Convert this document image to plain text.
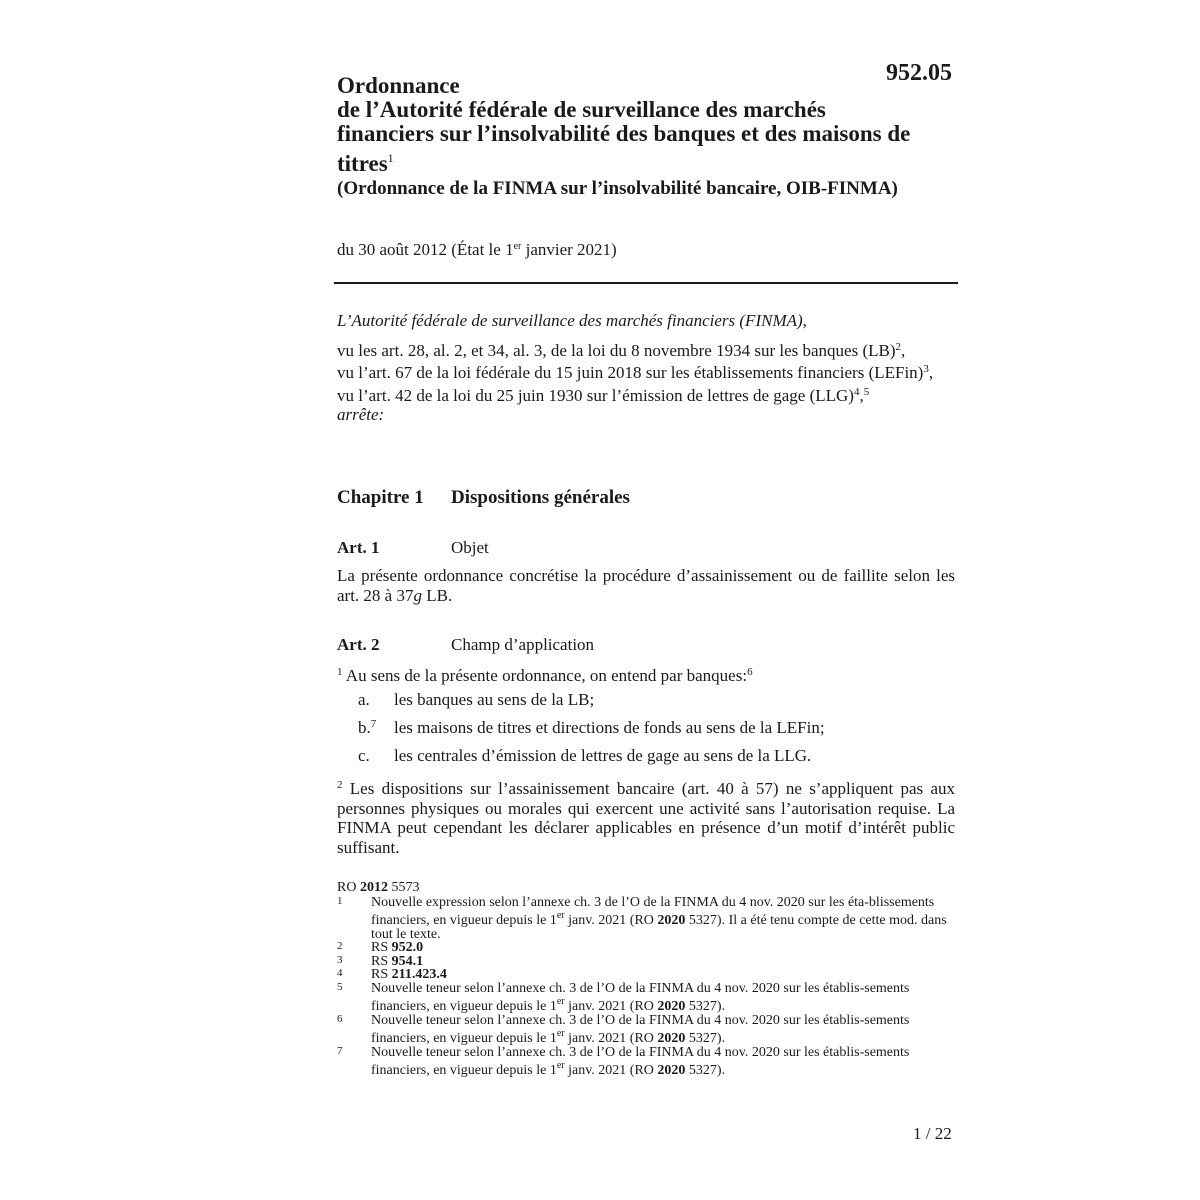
952.05
Ordonnance
de l’Autorité fédérale de surveillance des marchés
financiers sur l’insolvabilité des banques et des maisons de
titres$^1$
(Ordonnance de la FINMA sur l’insolvabilité bancaire, OIB-FINMA)
du 30 août 2012 (État le 1er janvier 2021)

L’Autorité fédérale de surveillance des marchés financiers (FINMA),

vu les art. 28, al. 2, et 34, al. 3, de la loi du 8 novembre 1934 sur les banques (LB)$^2$,

vu l’art. 67 de la loi fédérale du 15 juin 2018 sur les établissements financiers (LEFin)$^3$,

vu l’art. 42 de la loi du 25 juin 1930 sur l’émission de lettres de gage (LLG)$^4$,$^5$

arrête:

Chapitre 1 Dispositions générales
Art. 1	Objet

La présente ordonnance concrétise la procédure d’assainissement ou de faillite selon les art. 28 à 37g LB.

Art. 2	Champ d’application

$^1$ Au sens de la présente ordonnance, on entend par banques:$^6$

a. les banques au sens de la LB;
b.$^7$ les maisons de titres et directions de fonds au sens de la LEFin;
c. les centrales d’émission de lettres de gage au sens de la LLG.

$^2$ Les dispositions sur l’assainissement bancaire (art. 40 à 57) ne s’appliquent pas aux personnes physiques ou morales qui exercent une activité sans l’autorisation requise. La FINMA peut cependant les déclarer applicables en présence d’un motif d’intérêt public suffisant.

RO 2012 5573
1 Nouvelle expression selon l’annexe ch. 3 de l’O de la FINMA du 4 nov. 2020 sur les éta-blissements financiers, en vigueur depuis le 1er janv. 2021 (RO 2020 5327). Il a été tenu compte de cette mod. dans tout le texte.
2 RS 952.0
3 RS 954.1
4 RS 211.423.4
5 Nouvelle teneur selon l’annexe ch. 3 de l’O de la FINMA du 4 nov. 2020 sur les établis-sements financiers, en vigueur depuis le 1er janv. 2021 (RO 2020 5327).
6 Nouvelle teneur selon l’annexe ch. 3 de l’O de la FINMA du 4 nov. 2020 sur les établis-sements financiers, en vigueur depuis le 1er janv. 2021 (RO 2020 5327).
7 Nouvelle teneur selon l’annexe ch. 3 de l’O de la FINMA du 4 nov. 2020 sur les établis-sements financiers, en vigueur depuis le 1er janv. 2021 (RO 2020 5327).
1 / 22
